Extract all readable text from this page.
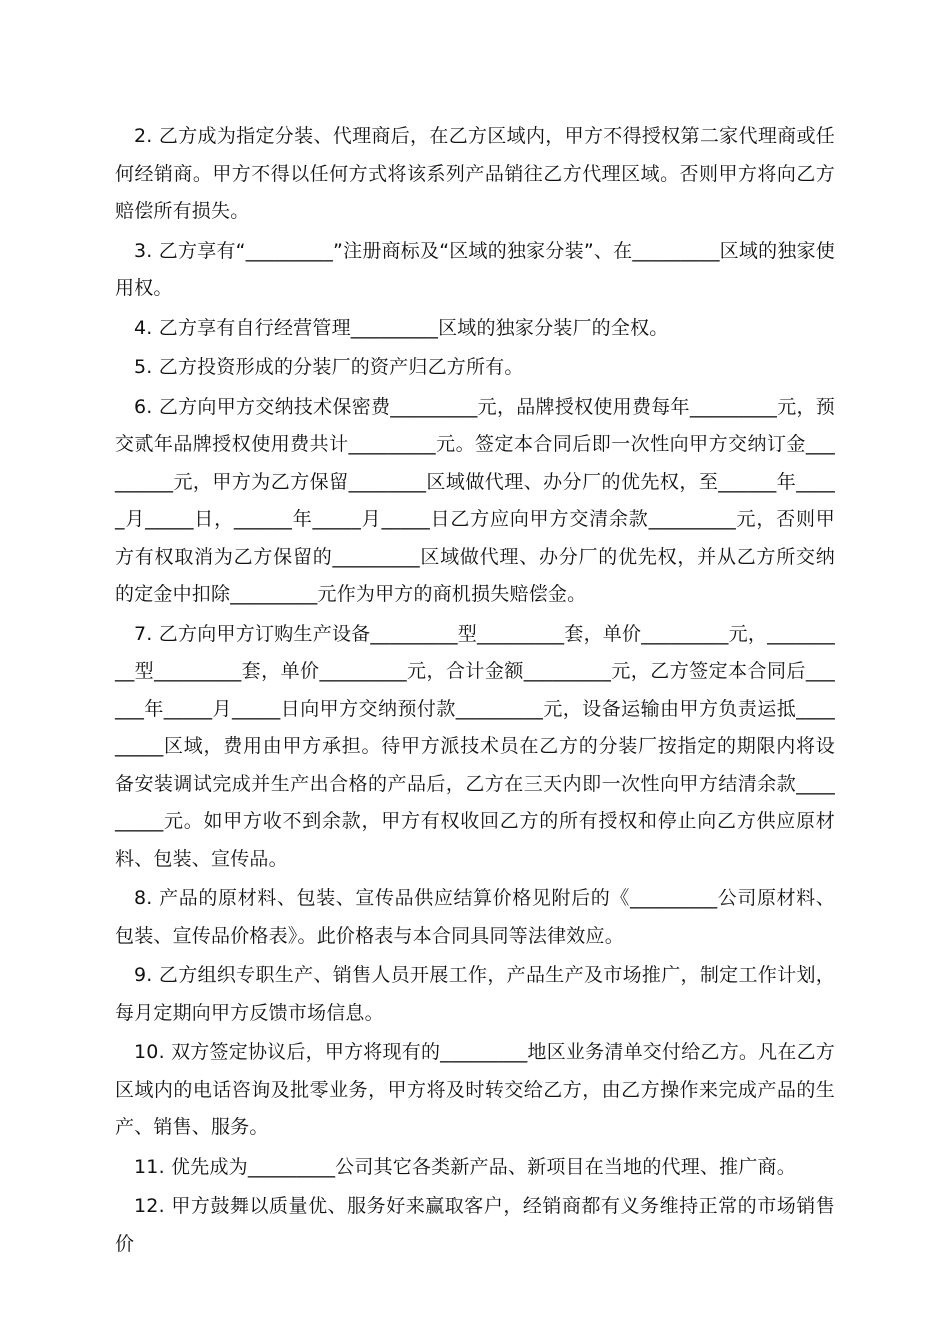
2. 乙方成为指定分装、代理商后，在乙方区域内，甲方不得授权第二家代理商或任何经销商。甲方不得以任何方式将该系列产品销往乙方代理区域。否则甲方将向乙方赔偿所有损失。

3. 乙方享有“_________”注册商标及“区域的独家分装”、在_________区域的独家使用权。

4. 乙方享有自行经营管理_________区域的独家分装厂的全权。

5. 乙方投资形成的分装厂的资产归乙方所有。

6. 乙方向甲方交纳技术保密费_________元，品牌授权使用费每年_________元，预交贰年品牌授权使用费共计_________元。签定本合同后即一次性向甲方交纳订金_________元，甲方为乙方保留________区域做代理、办分厂的优先权，至______年_____月_____日，______年_____月_____日乙方应向甲方交清余款_________元，否则甲方有权取消为乙方保留的_________区域做代理、办分厂的优先权，并从乙方所交纳的定金中扣除_________元作为甲方的商机损失赔偿金。

7. 乙方向甲方订购生产设备_________型_________套，单价_________元，_________型_________套，单价_________元，合计金额_________元，乙方签定本合同后______年_____月_____日向甲方交纳预付款_________元，设备运输由甲方负责运抵_________区域，费用由甲方承担。待甲方派技术员在乙方的分装厂按指定的期限内将设备安装调试完成并生产出合格的产品后，乙方在三天内即一次性向甲方结清余款_________元。如甲方收不到余款，甲方有权收回乙方的所有授权和停止向乙方供应原材料、包装、宣传品。

8. 产品的原材料、包装、宣传品供应结算价格见附后的《_________公司原材料、包装、宣传品价格表》。此价格表与本合同具同等法律效应。

9. 乙方组织专职生产、销售人员开展工作，产品生产及市场推广，制定工作计划，每月定期向甲方反馈市场信息。

10. 双方签定协议后，甲方将现有的_________地区业务清单交付给乙方。凡在乙方区域内的电话咨询及批零业务，甲方将及时转交给乙方，由乙方操作来完成产品的生产、销售、服务。

11. 优先成为_________公司其它各类新产品、新项目在当地的代理、推广商。

12. 甲方鼓舞以质量优、服务好来赢取客户，经销商都有义务维持正常的市场销售价
